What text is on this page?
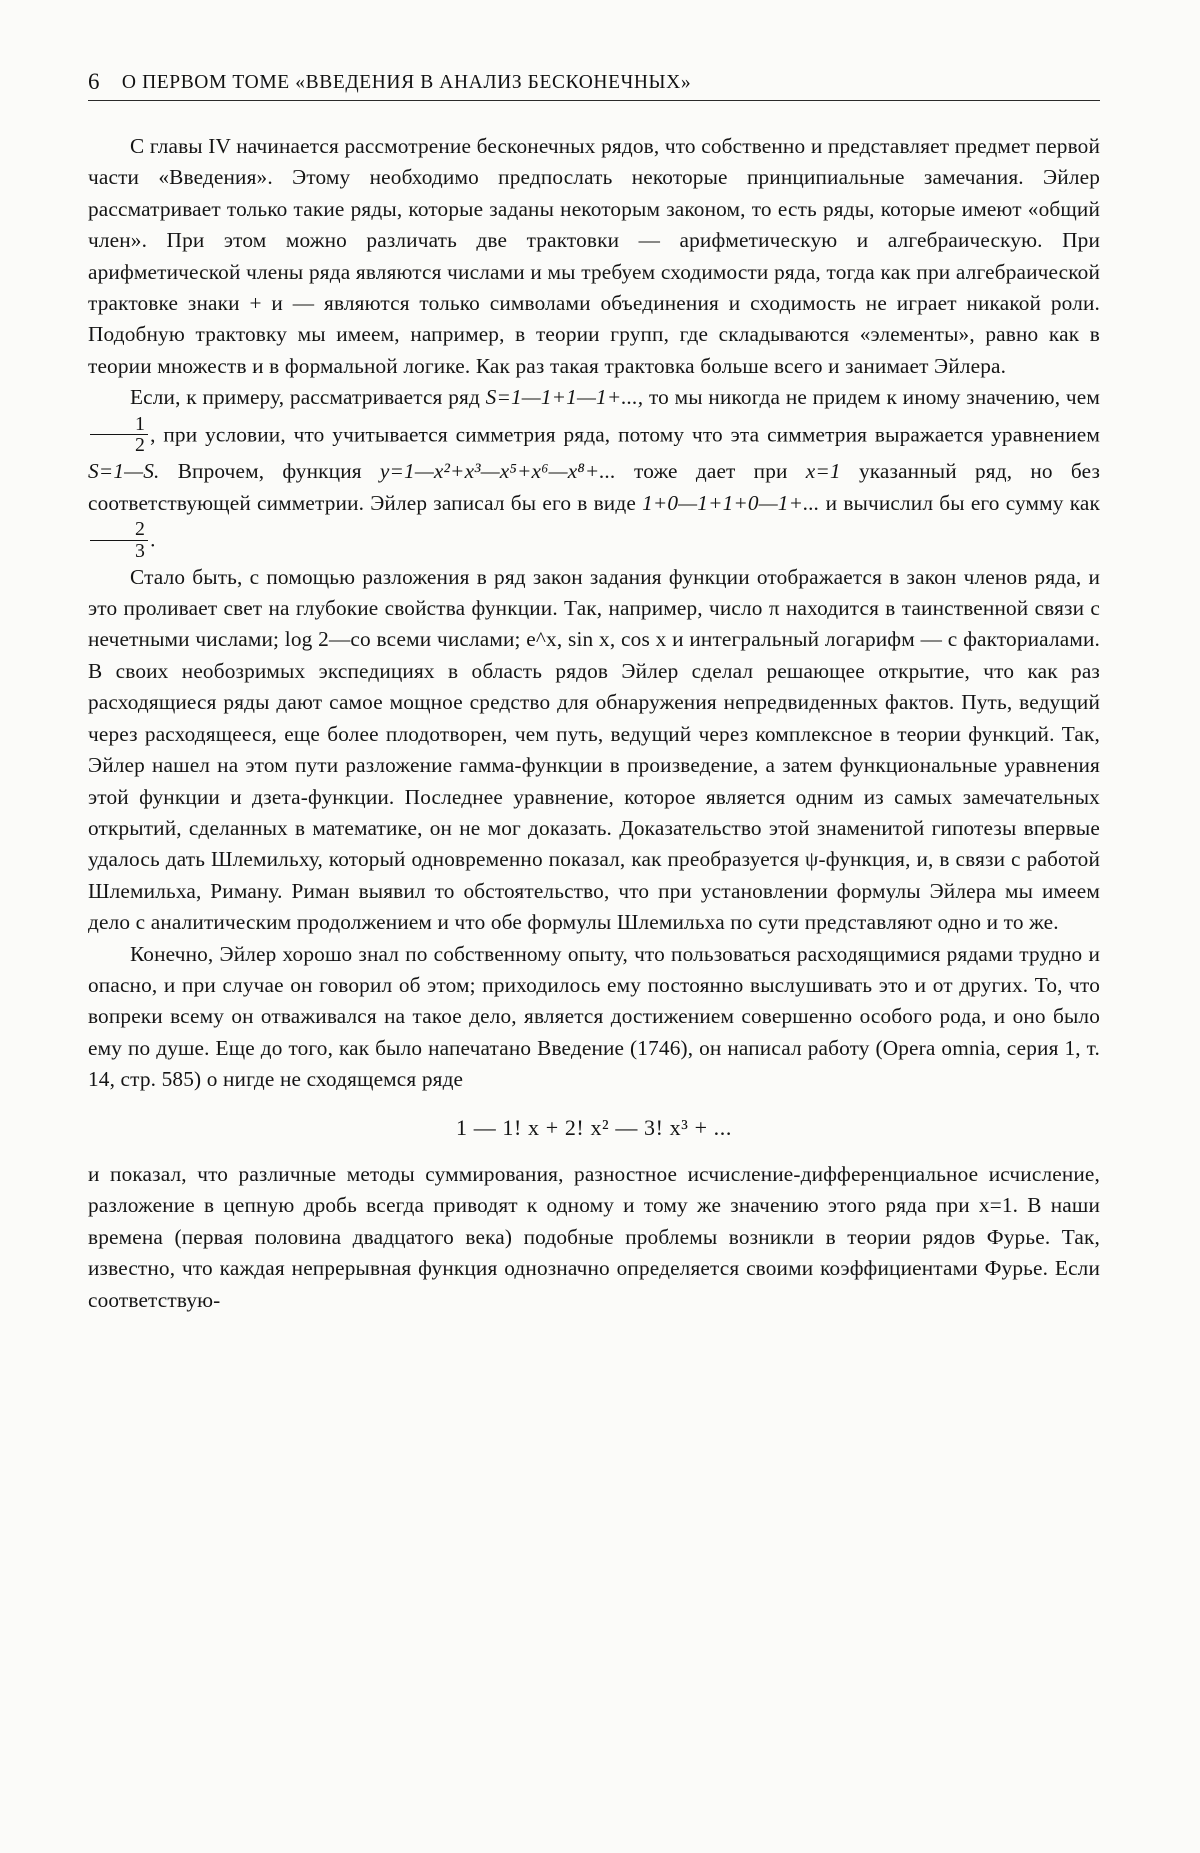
6 О ПЕРВОМ ТОМЕ «ВВЕДЕНИЯ В АНАЛИЗ БЕСКОНЕЧНЫХ»

С главы IV начинается рассмотрение бесконечных рядов, что собственно и представляет предмет первой части «Введения». Этому необходимо предпослать некоторые принципиальные замечания. Эйлер рассматривает только такие ряды, которые заданы некоторым законом, то есть ряды, которые имеют «общий член». При этом можно различать две трактовки — арифметическую и алгебраическую. При арифметической члены ряда являются числами и мы требуем сходимости ряда, тогда как при алгебраической трактовке знаки + и — являются только символами объединения и сходимость не играет никакой роли. Подобную трактовку мы имеем, например, в теории групп, где складываются «элементы», равно как в теории множеств и в формальной логике. Как раз такая трактовка больше всего и занимает Эйлера.

Если, к примеру, рассматривается ряд S=1—1+1—1+..., то мы никогда не придем к иному значению, чем
$\frac{1}{2}$ , при условии, что учитывается симметрия ряда, потому что эта симметрия выражается уравнением S=1—S. Впрочем, функция y=1—x²+x³—x⁵+x⁶—x⁸+... тоже дает при x=1 указанный ряд, но без соответствующей симметрии. Эйлер записал бы его в виде 1+0—1+1+0—1+... и вычислил бы его сумму как
$\frac{2}{3}$ .

Стало быть, с помощью разложения в ряд закон задания функции отображается в закон членов ряда, и это проливает свет на глубокие свойства функции. Так, например, число π находится в таинственной связи с нечетными числами; log 2—со всеми числами; e^x, sin x, cos x и интегральный логарифм — с факториалами. В своих необозримых экспедициях в область рядов Эйлер сделал решающее открытие, что как раз расходящиеся ряды дают самое мощное средство для обнаружения непредвиденных фактов. Путь, ведущий через расходящееся, еще более плодотворен, чем путь, ведущий через комплексное в теории функций. Так, Эйлер нашел на этом пути разложение гамма-функции в произведение, а затем функциональные уравнения этой функции и дзета-функции. Последнее уравнение, которое является одним из самых замечательных открытий, сделанных в математике, он не мог доказать. Доказательство этой знаменитой гипотезы впервые удалось дать Шлемильху, который одновременно показал, как преобразуется ψ-функция, и, в связи с работой Шлемильха, Риману. Риман выявил то обстоятельство, что при установлении формулы Эйлера мы имеем дело с аналитическим продолжением и что обе формулы Шлемильха по сути представляют одно и то же.

Конечно, Эйлер хорошо знал по собственному опыту, что пользоваться расходящимися рядами трудно и опасно, и при случае он говорил об этом; приходилось ему постоянно выслушивать это и от других. То, что вопреки всему он отваживался на такое дело, является достижением совершенно особого рода, и оно было ему по душе. Еще до того, как было напечатано Введение (1746), он написал работу (Opera omnia, серия 1, т. 14, стр. 585) о нигде не сходящемся ряде

1 — 1! x + 2! x² — 3! x³ + ...

и показал, что различные методы суммирования, разностное исчисление-дифференциальное исчисление, разложение в цепную дробь всегда приводят к одному и тому же значению этого ряда при x=1. В наши времена (первая половина двадцатого века) подобные проблемы возникли в теории рядов Фурье. Так, известно, что каждая непрерывная функция однозначно определяется своими коэффициентами Фурье. Если соответствую-
